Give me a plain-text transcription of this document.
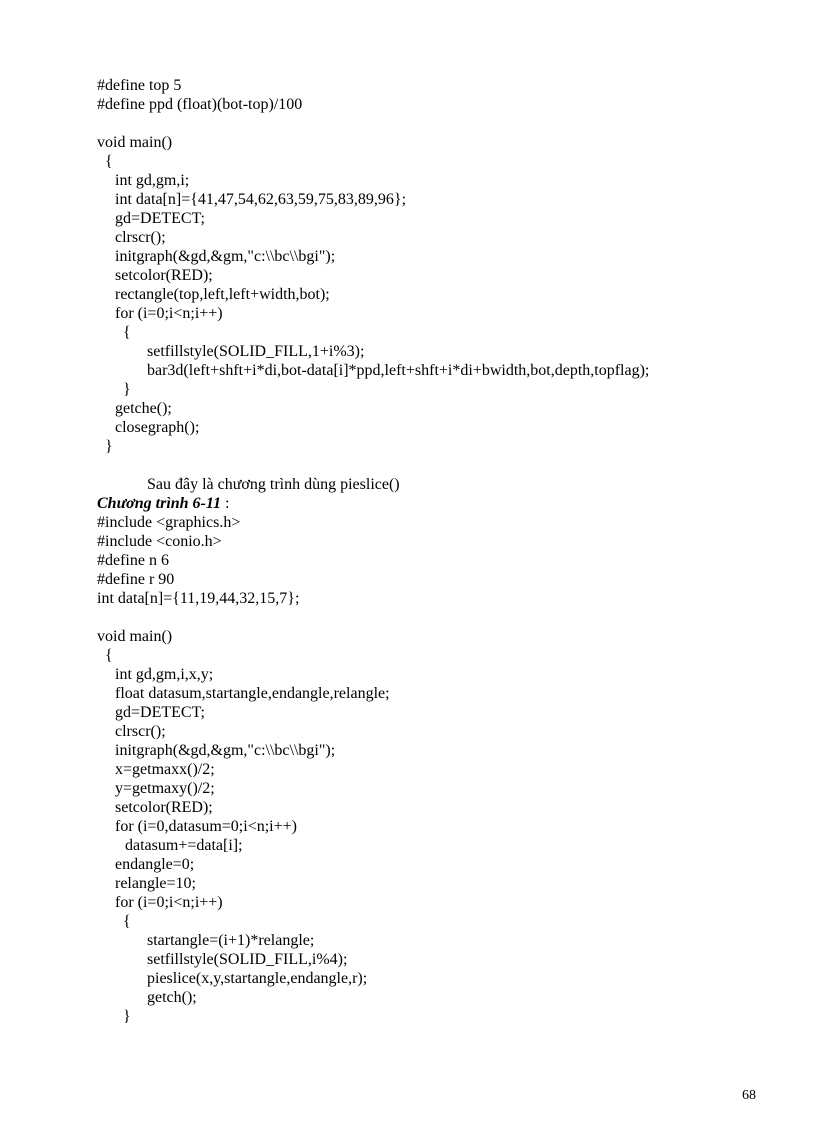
#define top 5
#define ppd (float)(bot-top)/100
void main()
{
int gd,gm,i;
int data[n]={41,47,54,62,63,59,75,83,89,96};
gd=DETECT;
clrscr();
initgraph(&gd,&gm,"c:\\bc\\bgi");
setcolor(RED);
rectangle(top,left,left+width,bot);
for (i=0;i<n;i++)
{
setfillstyle(SOLID_FILL,1+i%3);
bar3d(left+shft+i*di,bot-data[i]*ppd,left+shft+i*di+bwidth,bot,depth,topflag);
}
getche();
closegraph();
}
Sau đây là chương trình dùng pieslice()
Chương trình 6-11 :
#include <graphics.h>
#include <conio.h>
#define n 6
#define r 90
int data[n]={11,19,44,32,15,7};
void main()
{
int gd,gm,i,x,y;
float datasum,startangle,endangle,relangle;
gd=DETECT;
clrscr();
initgraph(&gd,&gm,"c:\\bc\\bgi");
x=getmaxx()/2;
y=getmaxy()/2;
setcolor(RED);
for (i=0,datasum=0;i<n;i++)
datasum+=data[i];
endangle=0;
relangle=10;
for (i=0;i<n;i++)
{
startangle=(i+1)*relangle;
setfillstyle(SOLID_FILL,i%4);
pieslice(x,y,startangle,endangle,r);
getch();
}
68
